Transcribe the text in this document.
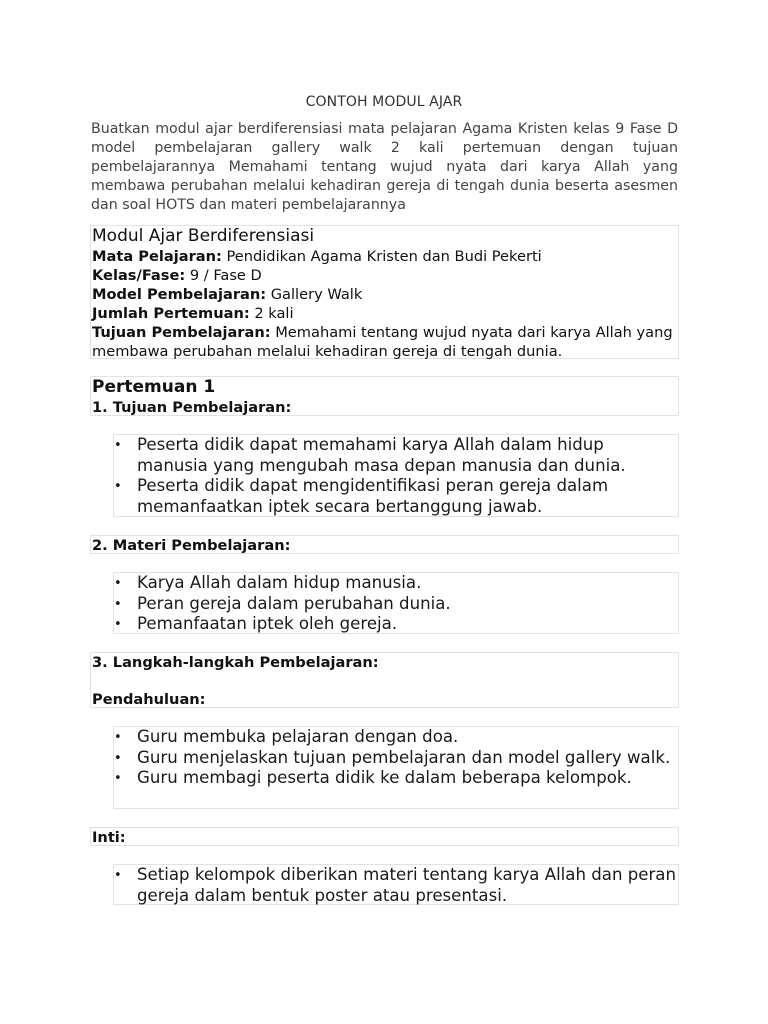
CONTOH MODUL AJAR
Buatkan modul ajar berdiferensiasi mata pelajaran Agama Kristen kelas 9 Fase D model pembelajaran gallery walk 2 kali pertemuan dengan tujuan pembelajarannya Memahami tentang wujud nyata dari karya Allah yang membawa perubahan melalui kehadiran gereja di tengah dunia beserta asesmen dan soal HOTS dan materi pembelajarannya
Modul Ajar Berdiferensiasi
Mata Pelajaran: Pendidikan Agama Kristen dan Budi Pekerti
Kelas/Fase: 9 / Fase D
Model Pembelajaran: Gallery Walk
Jumlah Pertemuan: 2 kali
Tujuan Pembelajaran: Memahami tentang wujud nyata dari karya Allah yang membawa perubahan melalui kehadiran gereja di tengah dunia.
Pertemuan 1
1. Tujuan Pembelajaran:
• Peserta didik dapat memahami karya Allah dalam hidup manusia yang mengubah masa depan manusia dan dunia.
• Peserta didik dapat mengidentifikasi peran gereja dalam memanfaatkan iptek secara bertanggung jawab.
2. Materi Pembelajaran:
• Karya Allah dalam hidup manusia.
• Peran gereja dalam perubahan dunia.
• Pemanfaatan iptek oleh gereja.
3. Langkah-langkah Pembelajaran:
Pendahuluan:
• Guru membuka pelajaran dengan doa.
• Guru menjelaskan tujuan pembelajaran dan model gallery walk.
• Guru membagi peserta didik ke dalam beberapa kelompok.
Inti:
• Setiap kelompok diberikan materi tentang karya Allah dan peran gereja dalam bentuk poster atau presentasi.
